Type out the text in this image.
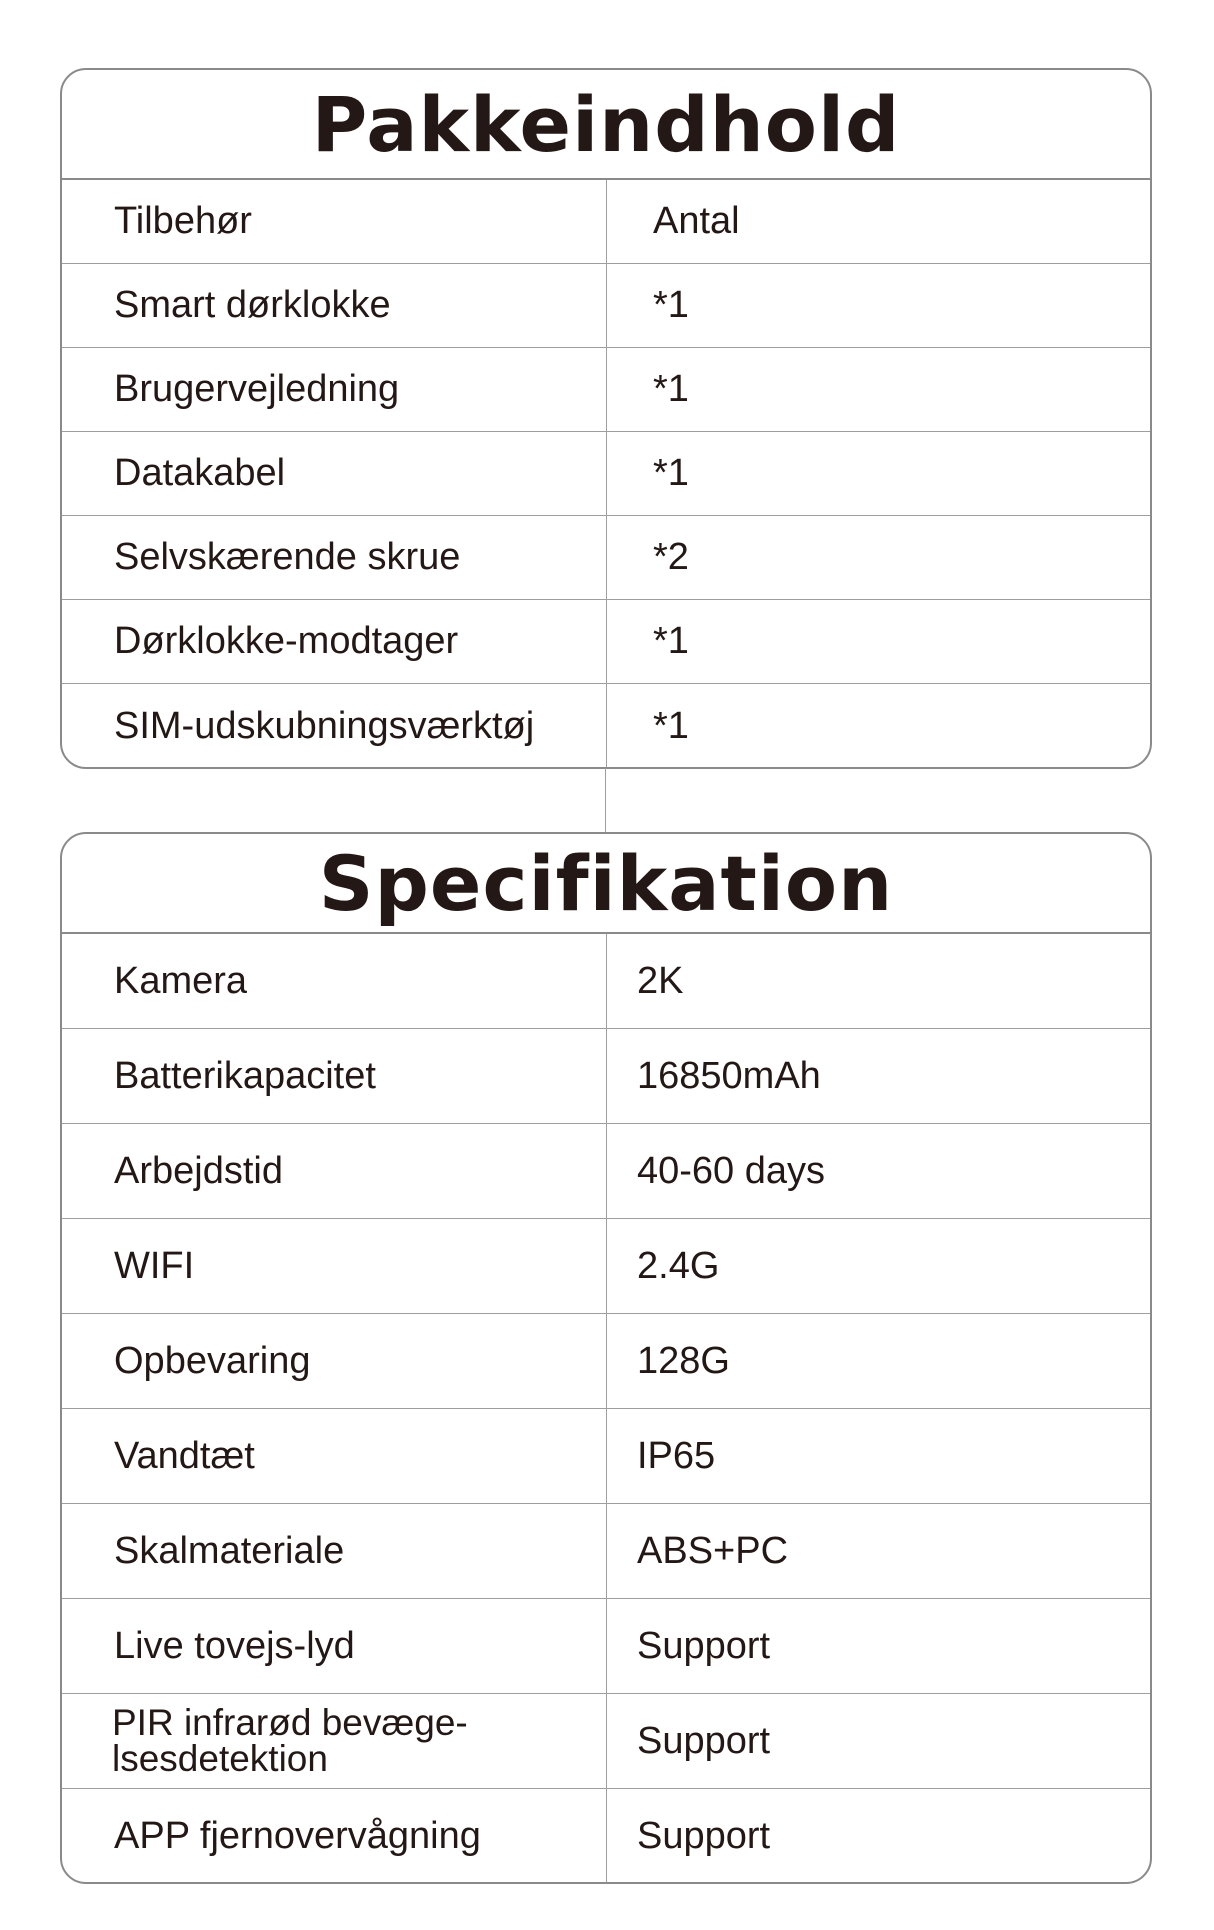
Pakkeindhold
Tilbehør	Antal
Smart dørklokke	*1
Brugervejledning	*1
Datakabel	*1
Selvskærende skrue	*2
Dørklokke-modtager	*1
SIM-udskubningsværktøj	*1
Specifikation
Kamera	2K
Batterikapacitet	16850mAh
Arbejdstid	40-60 days
WIFI	2.4G
Opbevaring	128G
Vandtæt	IP65
Skalmateriale	ABS+PC
Live tovejs-lyd	Support
PIR infrarød bevæge-
lsesdetektion	Support
APP fjernovervågning	Support
